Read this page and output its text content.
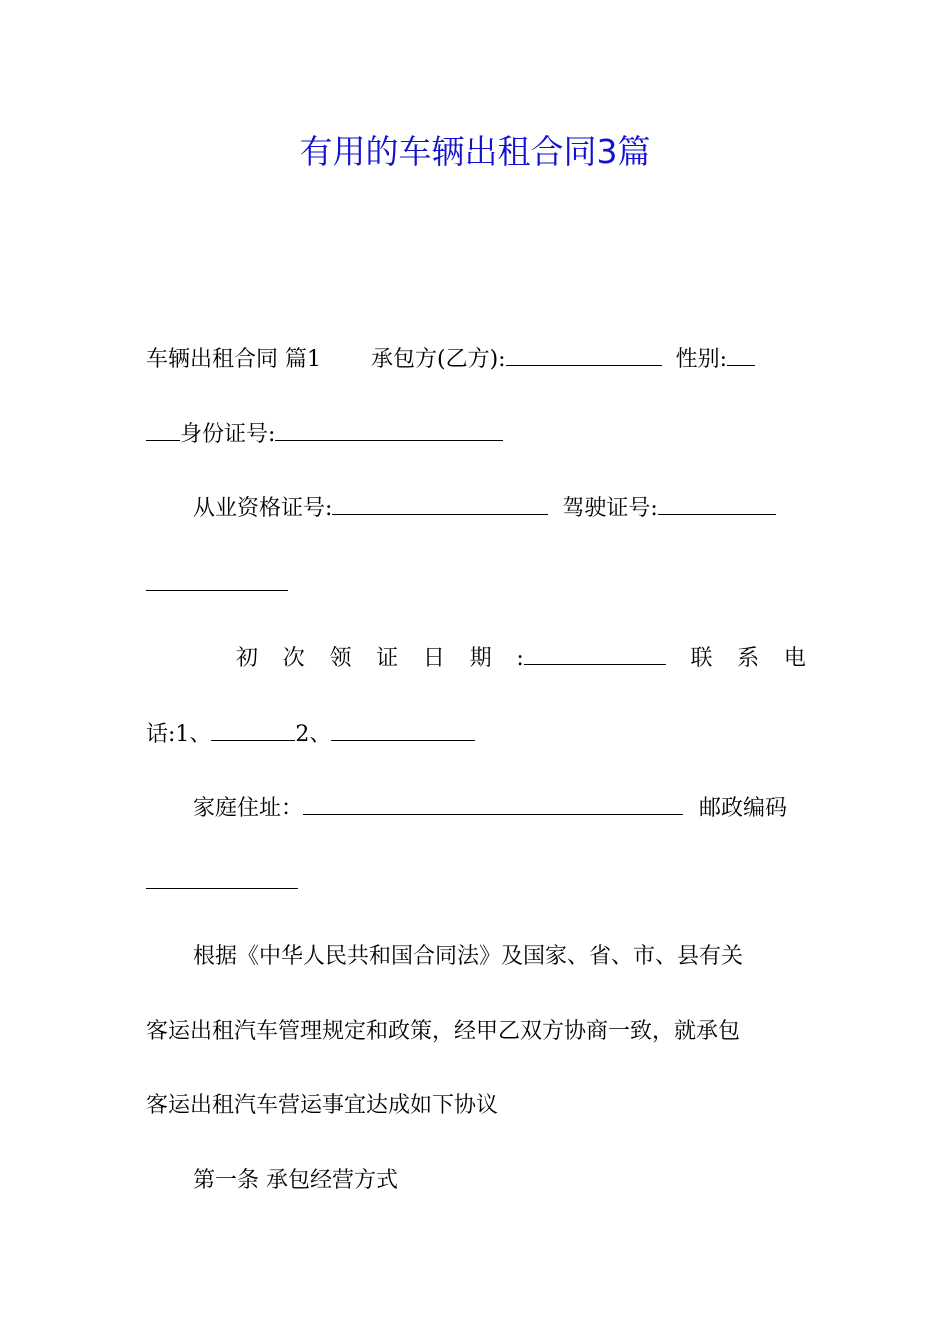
有用的车辆出租合同3篇
车辆出租合同 篇1 承包方(乙方):	性别:
身份证号:
从业资格证号:	驾驶证号:
初 次 领 证 日 期 :	联 系 电
话:1、	2、
家庭住址：	邮政编码
根据《中华人民共和国合同法》及国家、省、市、县有关
客运出租汽车管理规定和政策，经甲乙双方协商一致，就承包
客运出租汽车营运事宜达成如下协议
第一条 承包经营方式
